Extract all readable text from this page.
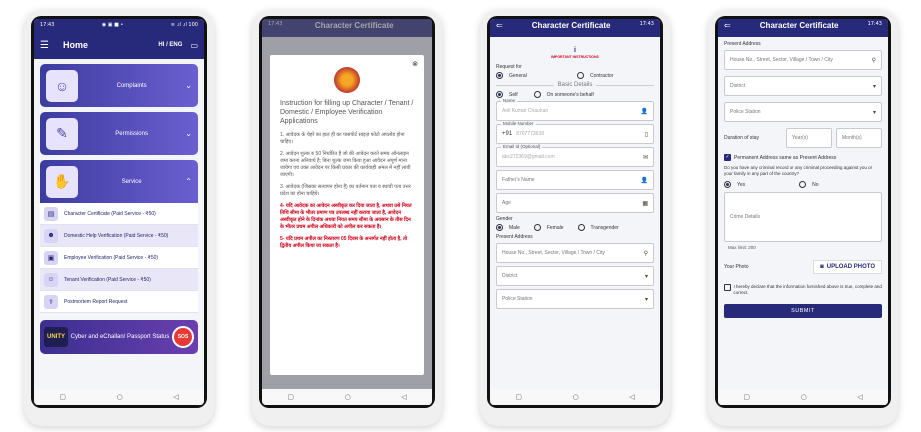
17:43	◉ ▣ ■ •	≋ .ıl .ıl 100
☰ Home	HI / ENG ▭
☺	Complaints	⌄
✎	Permissions	⌄
✋	Service	⌃
▤	Character Certificate (Paid Service - ₹50)
☻	Domestic Help Verification (Paid Service - ₹50)
▣	Employee Verification (Paid Service - ₹50)
☺	Tenant Verification (Paid Service - ₹50)
⚕	Postmortem Report Request
UNITY Cyber and eChallan/ Passport Status	SOS
▢	○	◁
⊗
Instruction for filling up Character / Tenant / Domestic / Employee Verification Applications

1. आवेदक के चेहरे का हाल ही का पासपोर्ट साइज़ फोटो अपलोड होना चाहिए।

2. आवेदन शुल्क रु 50 निर्धारित है जो की आवेदन करते समय ऑनलाइन जमा करना अनिवार्य है; बिना शुल्क जमा किया हुआ आवेदन अपूर्ण माना जायेगा एवं उक्त आवेदन पर किसी प्रकार की कार्यवाही अमल में नहीं लायी जाएगी।

3. आवेदक (जिसका सत्यापन होना है) का वर्तमान पता व स्थायी पता उत्तर प्रदेश का होना चाहिये।

4- यदि आवेदक का आवेदन अस्वीकृत कर दिया जाता है, अथवा उसे नियत तिथि सीमा के भीतर प्रमाण पत्र उपलब्ध नहीं कराया जाता है, आवेदन अस्वीकृत होने के दिनांक अथवा नियत समय सीमा के अवसान के तीस दिन के भीतर प्रथम अपील अधिकारी को अपील कर सकता है।

5- यदि प्रथम अपील का निस्तारण 05 दिवस के अन्तर्गत नहीं होता है, तो द्वितीय अपील किया जा सकता है।

▢	○	◁
⇐	Character Certificate	17:43
i
IMPORTANT INSTRUCTIONS
Request for
General	Contractor
Basic Details
Self	On someone's behalf
Name
Anil Kumar Chauhan	👤
Mobile Number
+91 8707773638	▯
Email Id (Optional)
abc272369@gmail.com	✉
Father's Name	👤
Age	▦
Gender
Male	Female	Transgender
Present Address
House No., Street, Sector, Village / Town / City	⚲
District	▾
Police Station	▾
▢	○	◁
⇐	Character Certificate	17:43
Present Address
House No., Street, Sector, Village / Town / City	⚲
District	▾
Police Station	▾
Duration of stay	Year(s)	Month(s)
✓ Permanent Address same as Present Address
Do you have any criminal record or any criminal proceeding against you or your family in any part of the country?
Yes	No
Crime Details
Max limit: 200
Your Photo	◙ UPLOAD PHOTO
I hereby declare that the information furnished above is true, complete and correct.
SUBMIT
▢	○	◁
